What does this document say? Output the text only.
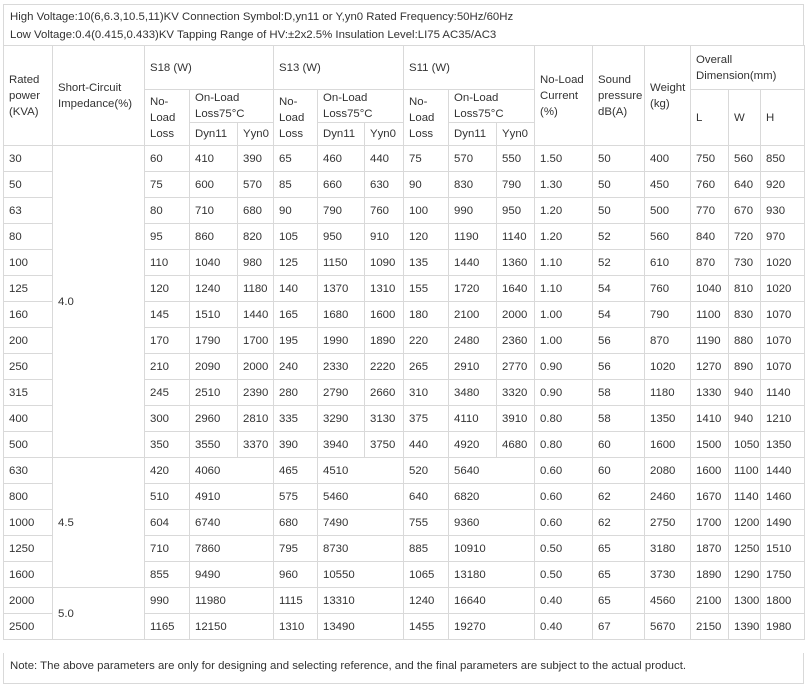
High Voltage:10(6,6.3,10.5,11)KV Connection Symbol:D,yn11 or Y,yn0 Rated Frequency:50Hz/60Hz
Low Voltage:0.4(0.415,0.433)KV Tapping Range of HV:±2x2.5% Insulation Level:LI75 AC35/AC3
Rated power (KVA)	Short-Circuit Impedance(%)	S18 (W)			S13 (W)			S11 (W)			No-Load Current (%)	Sound pressure dB(A)	Weight (kg)	Overall Dimension(mm)		
		No- Load Loss	On-Load Loss75°C		No- Load Loss	On-Load Loss75°C		No- Load Loss	On-Load Loss75°C					L	W	H
			Dyn11	Yyn0		Dyn11	Yyn0		Dyn11	Yyn0						
30	4.0	60	410	390	65	460	440	75	570	550	1.50	50	400	750	560	850
50		75	600	570	85	660	630	90	830	790	1.30	50	450	760	640	920
63		80	710	680	90	790	760	100	990	950	1.20	50	500	770	670	930
80		95	860	820	105	950	910	120	1190	1140	1.20	52	560	840	720	970
100		110	1040	980	125	1150	1090	135	1440	1360	1.10	52	610	870	730	1020
125		120	1240	1180	140	1370	1310	155	1720	1640	1.10	54	760	1040	810	1020
160		145	1510	1440	165	1680	1600	180	2100	2000	1.00	54	790	1100	830	1070
200		170	1790	1700	195	1990	1890	220	2480	2360	1.00	56	870	1190	880	1070
250		210	2090	2000	240	2330	2220	265	2910	2770	0.90	56	1020	1270	890	1070
315		245	2510	2390	280	2790	2660	310	3480	3320	0.90	58	1180	1330	940	1140
400		300	2960	2810	335	3290	3130	375	4110	3910	0.80	58	1350	1410	940	1210
500		350	3550	3370	390	3940	3750	440	4920	4680	0.80	60	1600	1500	1050	1350
630	4.5	420	4060		465	4510		520	5640		0.60	60	2080	1600	1100	1440
800		510	4910		575	5460		640	6820		0.60	62	2460	1670	1140	1460
1000		604	6740		680	7490		755	9360		0.60	62	2750	1700	1200	1490
1250		710	7860		795	8730		885	10910		0.50	65	3180	1870	1250	1510
1600		855	9490		960	10550		1065	13180		0.50	65	3730	1890	1290	1750
2000	5.0	990	11980		1115	13310		1240	16640		0.40	65	4560	2100	1300	1800
2500		1165	12150		1310	13490		1455	19270		0.40	67	5670	2150	1390	1980
Note: The above parameters are only for designing and selecting reference, and the final parameters are subject to the actual product.
